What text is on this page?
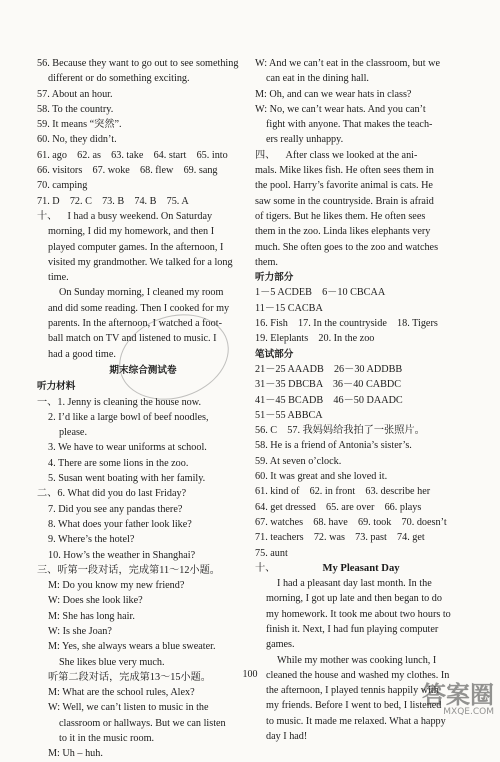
56. Because they want to go out to see something
different or do something exciting.
57. About an hour.
58. To the country.
59. It means “突然”.
60. No, they didn’t.
61. ago    62. as    63. take    64. start    65. into
66. visitors    67. woke    68. flew    69. sang
70. camping
71. D    72. C    73. B    74. B    75. A
十、    I had a busy weekend. On Saturday
morning, I did my homework, and then I
played computer games. In the afternoon, I
visited my grandmother. We talked for a long
time.
On Sunday morning, I cleaned my room
and did some reading. Then I cooked for my
parents. In the afternoon, I watched a foot-
ball match on TV and listened to music. I
had a good time.
期末综合测试卷
听力材料
一、1. Jenny is cleaning the house now.
2. I’d like a large bowl of beef noodles,
please.
3. We have to wear uniforms at school.
4. There are some lions in the zoo.
5. Susan went boating with her family.
二、6. What did you do last Friday?
7. Did you see any pandas there?
8. What does your father look like?
9. Where’s the hotel?
10. How’s the weather in Shanghai?
三、听第一段对话，完成第11～12小题。
M: Do you know my new friend?
W: Does she look like?
M: She has long hair.
W: Is she Joan?
M: Yes, she always wears a blue sweater.
She likes blue very much.
听第二段对话，完成第13～15小题。
M: What are the school rules, Alex?
W: Well, we can’t listen to music in the
classroom or hallways. But we can listen
to it in the music room.
M: Uh – huh.
W: And we can’t eat in the classroom, but we
can eat in the dining hall.
M: Oh, and can we wear hats in class?
W: No, we can’t wear hats. And you can’t
fight with anyone. That makes the teach-
ers really unhappy.
四、    After class we looked at the ani-
mals. Mike likes fish. He often sees them in
the pool. Harry’s favorite animal is cats. He
saw some in the countryside. Brain is afraid
of tigers. But he likes them. He often sees
them in the zoo. Linda likes elephants very
much. She often goes to the zoo and watches
them.
听力部分
1－5 ACDEB    6－10 CBCAA
11－15 CACBA
16. Fish    17. In the countryside    18. Tigers
19. Eleplants    20. In the zoo
笔试部分
21－25 AAADB    26－30 ADDBB
31－35 DBCBA    36－40 CABDC
41－45 BCADB    46－50 DAADC
51－55 ABBCA
56. C    57. 我妈妈给我拍了一张照片。
58. He is a friend of Antonia’s sister’s.
59. At seven o’clock.
60. It was great and she loved it.
61. kind of    62. in front    63. describe her
64. get dressed    65. are over    66. plays
67. watches    68. have    69. took    70. doesn’t
71. teachers    72. was    73. past    74. get
75. aunt
十、	My Pleasant Day
I had a pleasant day last month. In the
morning, I got up late and then began to do
my homework. It took me about two hours to
finish it. Next, I had fun playing computer
games.
While my mother was cooking lunch, I
cleaned the house and washed my clothes. In
the afternoon, I played tennis happily with
my friends. Before I went to bed, I listened
to music. It made me relaxed. What a happy
day I had!
100
答案圈
MXQE.COM
